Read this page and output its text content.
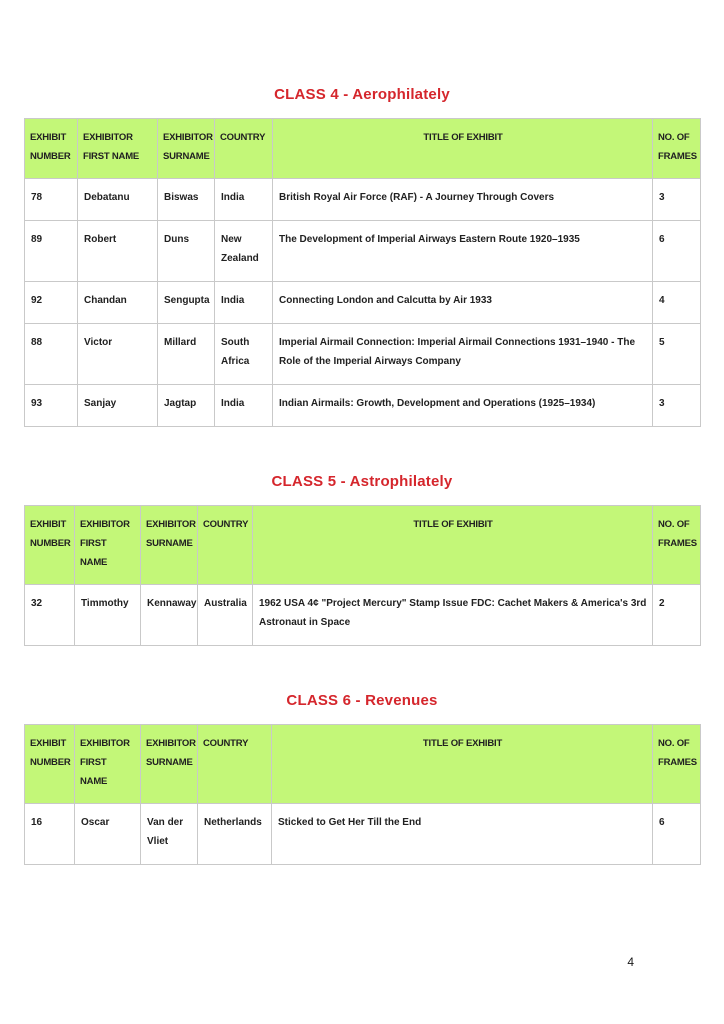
CLASS 4 - Aerophilately
EXHIBIT NUMBER	EXHIBITOR FIRST NAME	EXHIBITOR SURNAME	COUNTRY	TITLE OF EXHIBIT	NO. OF FRAMES
78	Debatanu	Biswas	India	British Royal Air Force (RAF) - A Journey Through Covers	3
89	Robert	Duns	New Zealand	The Development of Imperial Airways Eastern Route 1920–1935	6
92	Chandan	Sengupta	India	Connecting London and Calcutta by Air 1933	4
88	Victor	Millard	South Africa	Imperial Airmail Connection: Imperial Airmail Connections 1931–1940 - The Role of the Imperial Airways Company	5
93	Sanjay	Jagtap	India	Indian Airmails: Growth, Development and Operations (1925–1934)	3
CLASS 5 - Astrophilately
EXHIBIT NUMBER	EXHIBITOR FIRST NAME	EXHIBITOR SURNAME	COUNTRY	TITLE OF EXHIBIT	NO. OF FRAMES
32	Timmothy	Kennaway	Australia	1962 USA 4¢ "Project Mercury" Stamp Issue FDC: Cachet Makers & America's 3rd Astronaut in Space	2
CLASS 6 - Revenues
EXHIBIT NUMBER	EXHIBITOR FIRST NAME	EXHIBITOR SURNAME	COUNTRY	TITLE OF EXHIBIT	NO. OF FRAMES
16	Oscar	Van der Vliet	Netherlands	Sticked to Get Her Till the End	6
4
